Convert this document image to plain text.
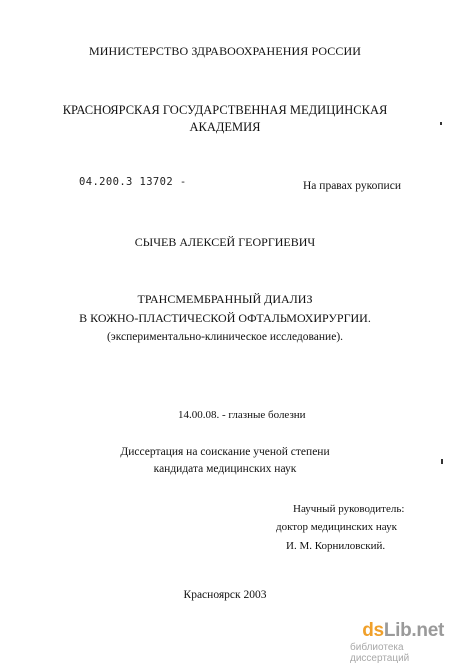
МИНИСТЕРСТВО ЗДРАВООХРАНЕНИЯ РОССИИ
КРАСНОЯРСКАЯ ГОСУДАРСТВЕННАЯ МЕДИЦИНСКАЯ
АКАДЕМИЯ
04.200.3 13702 -	На правах рукописи
СЫЧЕВ АЛЕКСЕЙ ГЕОРГИЕВИЧ
ТРАНСМЕМБРАННЫЙ ДИАЛИЗ
В КОЖНО-ПЛАСТИЧЕСКОЙ ОФТАЛЬМОХИРУРГИИ.
(экспериментально-клиническое исследование).
14.00.08. - глазные болезни
Диссертация на соискание ученой степени
кандидата медицинских наук
Научный руководитель:
доктор медицинских наук
И. М. Корниловский.
Красноярск 2003
dsLib.net
библиотека диссертаций
